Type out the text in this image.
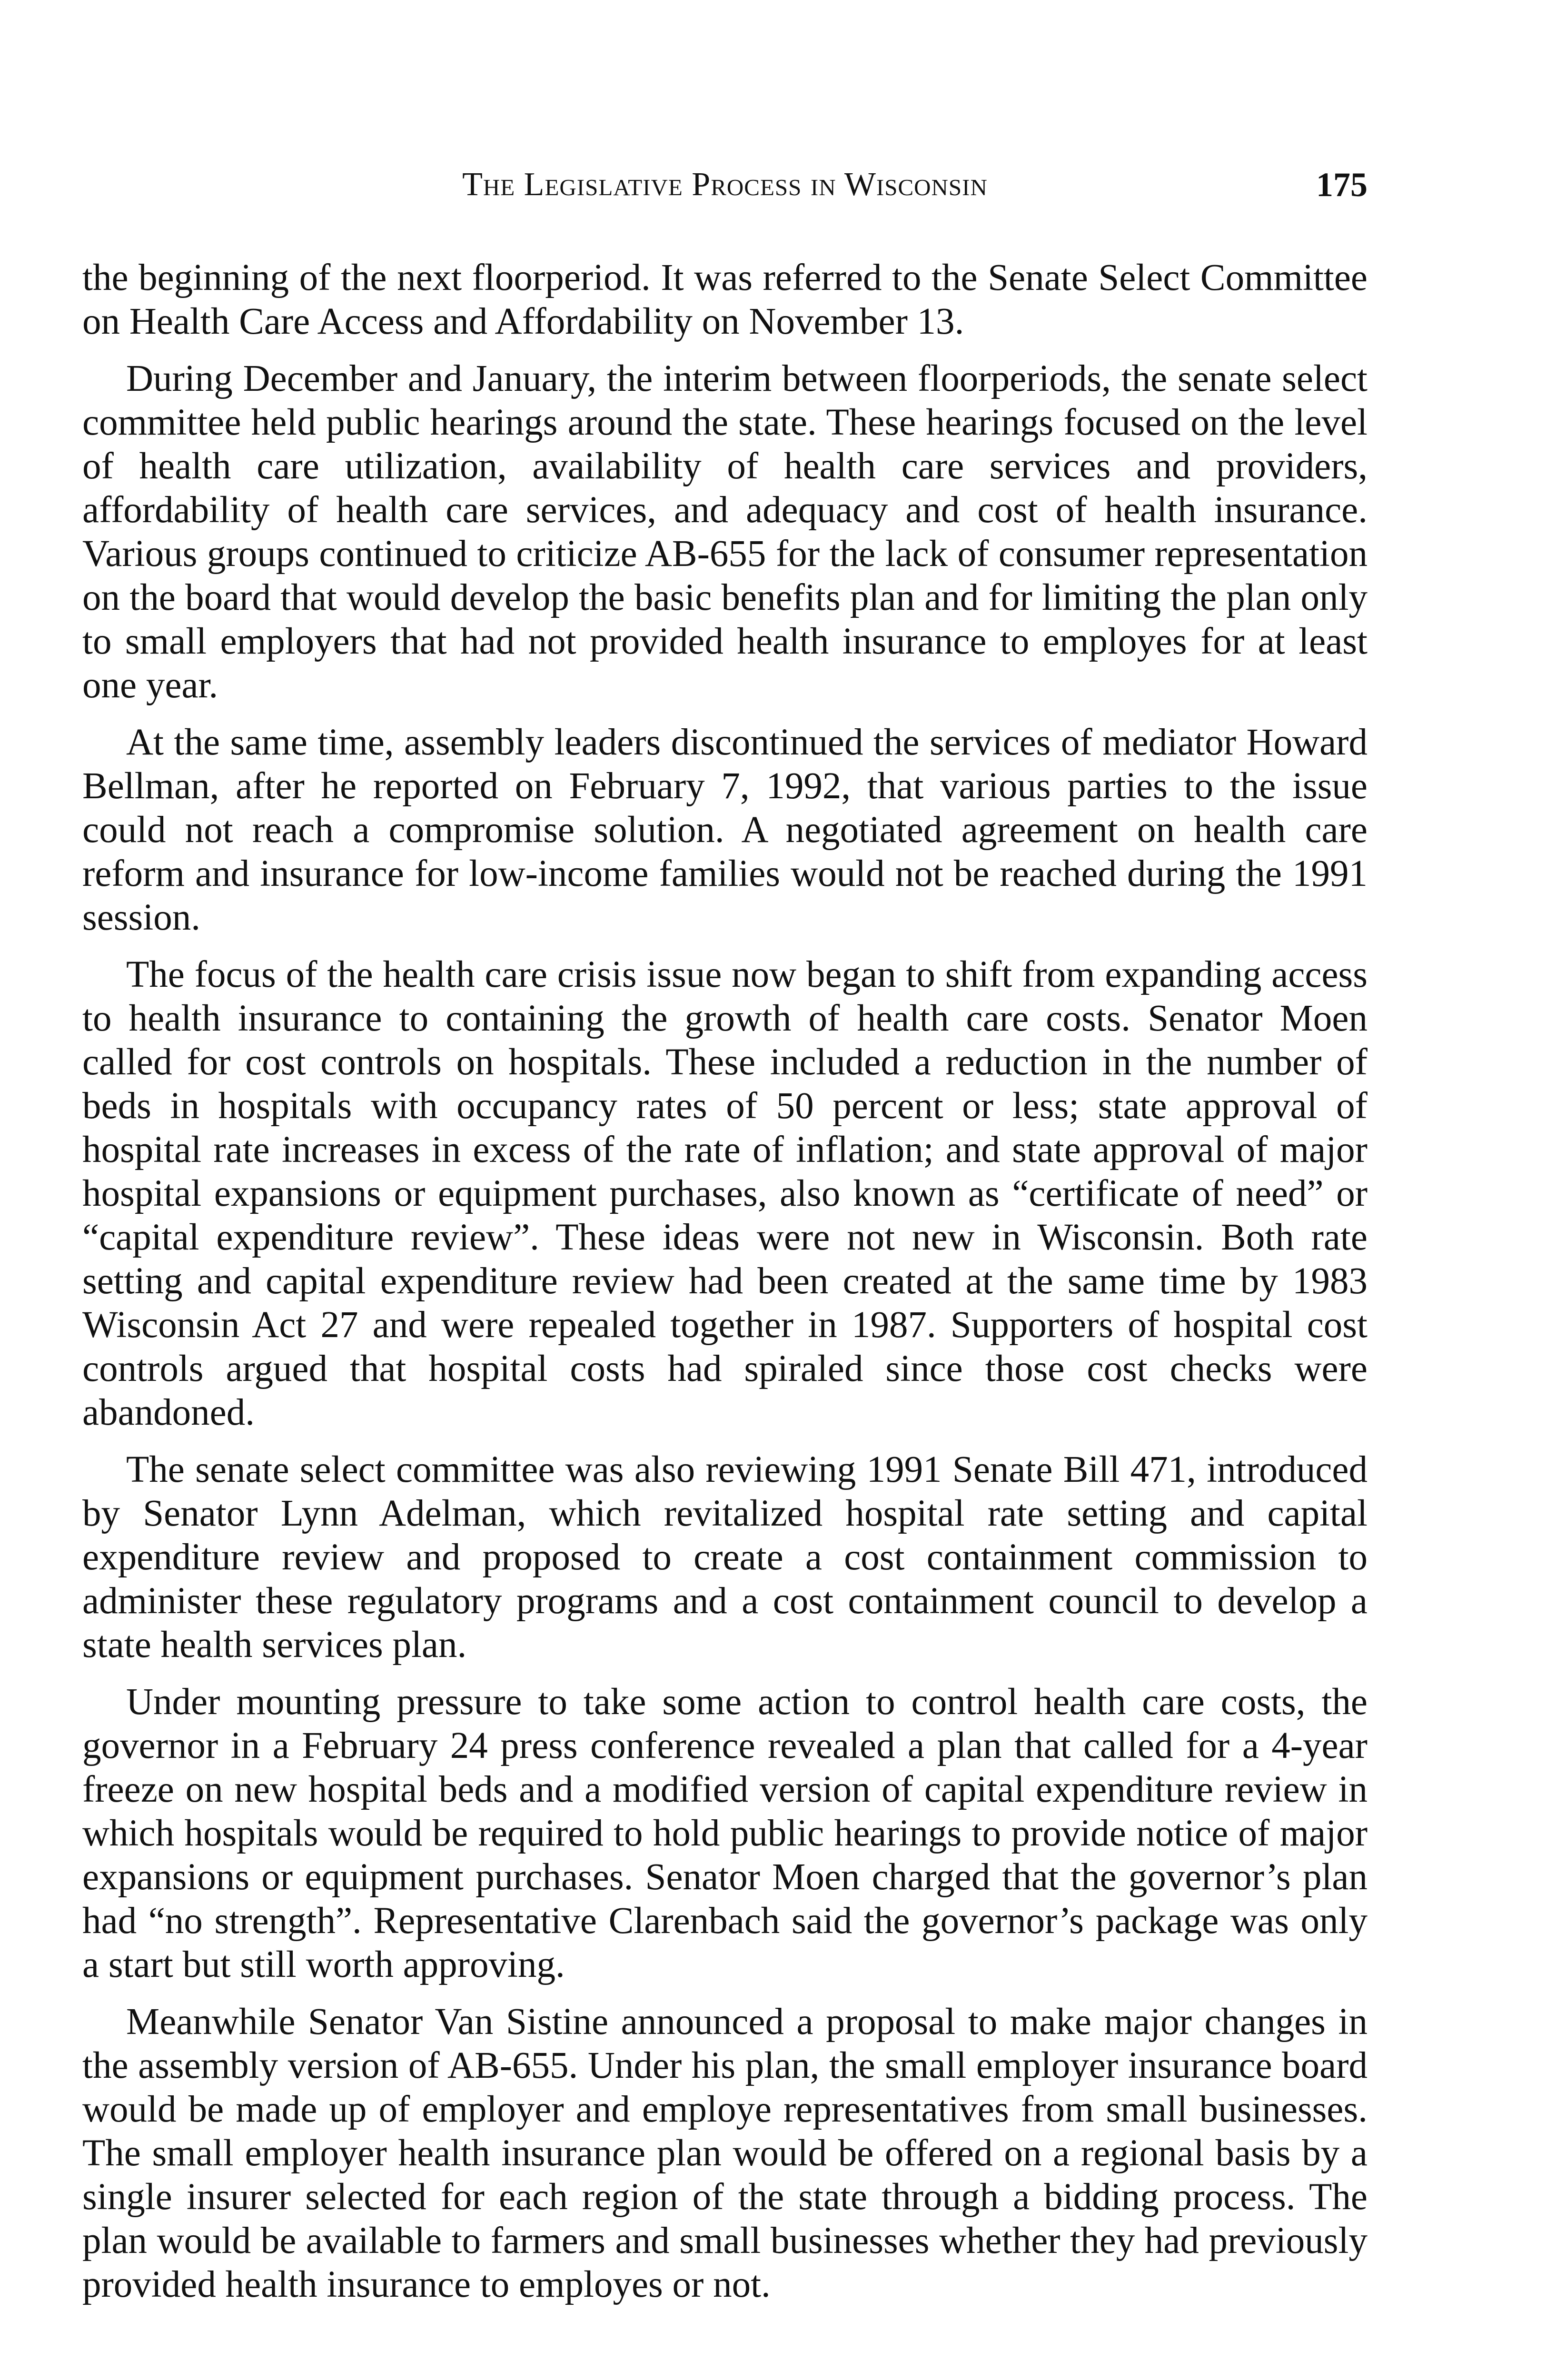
The Legislative Process in Wisconsin	175

the beginning of the next floorperiod. It was referred to the Senate Select Committee on Health Care Access and Affordability on November 13.

During December and January, the interim between floorperiods, the senate select committee held public hearings around the state. These hearings focused on the level of health care utilization, availability of health care services and providers, affordability of health care services, and adequacy and cost of health insurance. Various groups continued to criticize AB-655 for the lack of consumer representation on the board that would develop the basic benefits plan and for limiting the plan only to small employers that had not provided health insurance to employes for at least one year.

At the same time, assembly leaders discontinued the services of mediator Howard Bellman, after he reported on February 7, 1992, that various parties to the issue could not reach a compromise solution. A negotiated agreement on health care reform and insurance for low-income families would not be reached during the 1991 session.

The focus of the health care crisis issue now began to shift from expanding access to health insurance to containing the growth of health care costs. Senator Moen called for cost controls on hospitals. These included a reduction in the number of beds in hospitals with occupancy rates of 50 percent or less; state approval of hospital rate increases in excess of the rate of inflation; and state approval of major hospital expansions or equipment purchases, also known as “certificate of need” or “capital expenditure review”. These ideas were not new in Wisconsin. Both rate setting and capital expenditure review had been created at the same time by 1983 Wisconsin Act 27 and were repealed together in 1987. Supporters of hospital cost controls argued that hospital costs had spiraled since those cost checks were abandoned.

The senate select committee was also reviewing 1991 Senate Bill 471, introduced by Senator Lynn Adelman, which revitalized hospital rate setting and capital expenditure review and proposed to create a cost containment commission to administer these regulatory programs and a cost containment council to develop a state health services plan.

Under mounting pressure to take some action to control health care costs, the governor in a February 24 press conference revealed a plan that called for a 4-year freeze on new hospital beds and a modified version of capital expenditure review in which hospitals would be required to hold public hearings to provide notice of major expansions or equipment purchases. Senator Moen charged that the governor’s plan had “no strength”. Representative Clarenbach said the governor’s package was only a start but still worth approving.

Meanwhile Senator Van Sistine announced a proposal to make major changes in the assembly version of AB-655. Under his plan, the small employer insurance board would be made up of employer and employe representatives from small businesses. The small employer health insurance plan would be offered on a regional basis by a single insurer selected for each region of the state through a bidding process. The plan would be available to farmers and small businesses whether they had previously provided health insurance to employes or not.
